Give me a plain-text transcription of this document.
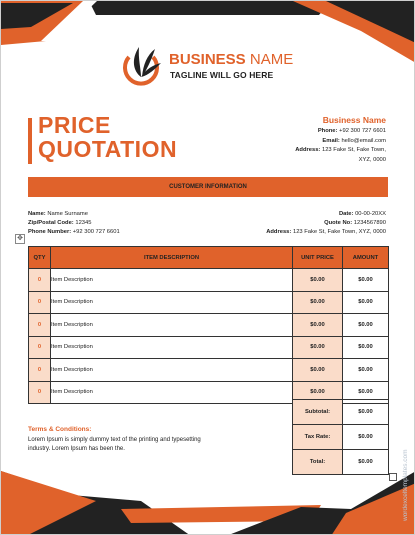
BUSINESS NAME
TAGLINE WILL GO HERE
PRICE
QUOTATION
Business Name
Phone: +92 300 727 6601
Email: hello@email.com
Address: 123 Fake St, Fake Town,
XYZ, 0000
CUSTOMER INFORMATION
Name: Name Surname
Zip/Postal Code: 12345
Phone Number: +92 300 727 6601
Date: 00-00-20XX
Quote No: 1234567890
Address: 123 Fake St, Fake Town, XYZ, 0000
✥
QTY	ITEM DESCRIPTION	UNIT PRICE	AMOUNT
0	Item Description	$0.00	$0.00
0	Item Description	$0.00	$0.00
0	Item Description	$0.00	$0.00
0	Item Description	$0.00	$0.00
0	Item Description	$0.00	$0.00
0	Item Description	$0.00	$0.00
Subtotal:	$0.00
Tax Rate:	$0.00
Total:	$0.00
Terms & Conditions:
Lorem Ipsum is simply dummy text of the printing and typesetting industry. Lorem Ipsum has been the.
wordexceltemplates.com
